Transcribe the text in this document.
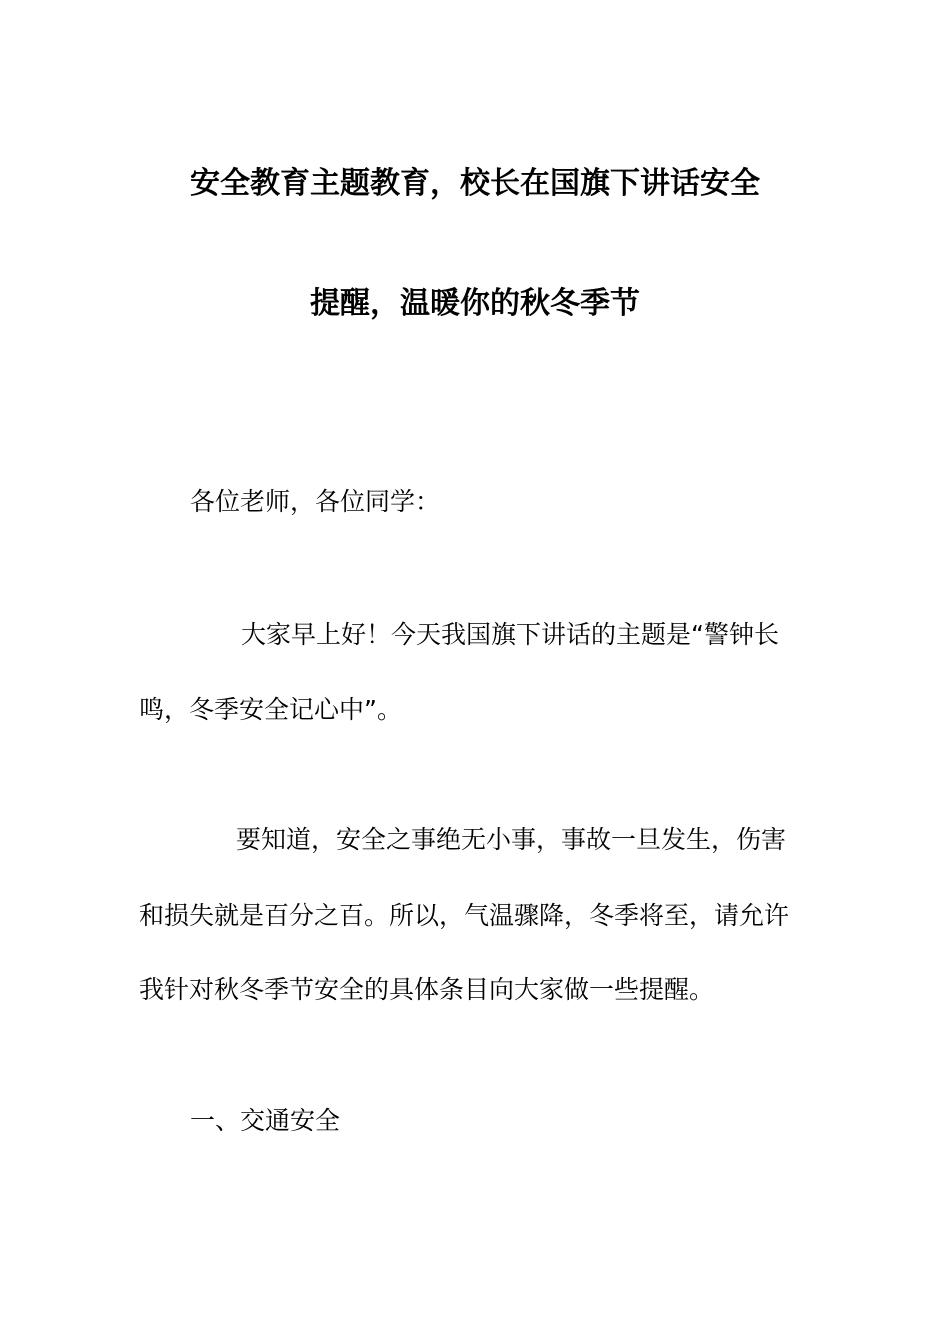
安全教育主题教育，校长在国旗下讲话安全
提醒，温暖你的秋冬季节
各位老师，各位同学：
大家早上好！今天我国旗下讲话的主题是“警钟长
鸣，冬季安全记心中”。
要知道，安全之事绝无小事，事故一旦发生，伤害
和损失就是百分之百。所以，气温骤降，冬季将至，请允许
我针对秋冬季节安全的具体条目向大家做一些提醒。
一、交通安全
